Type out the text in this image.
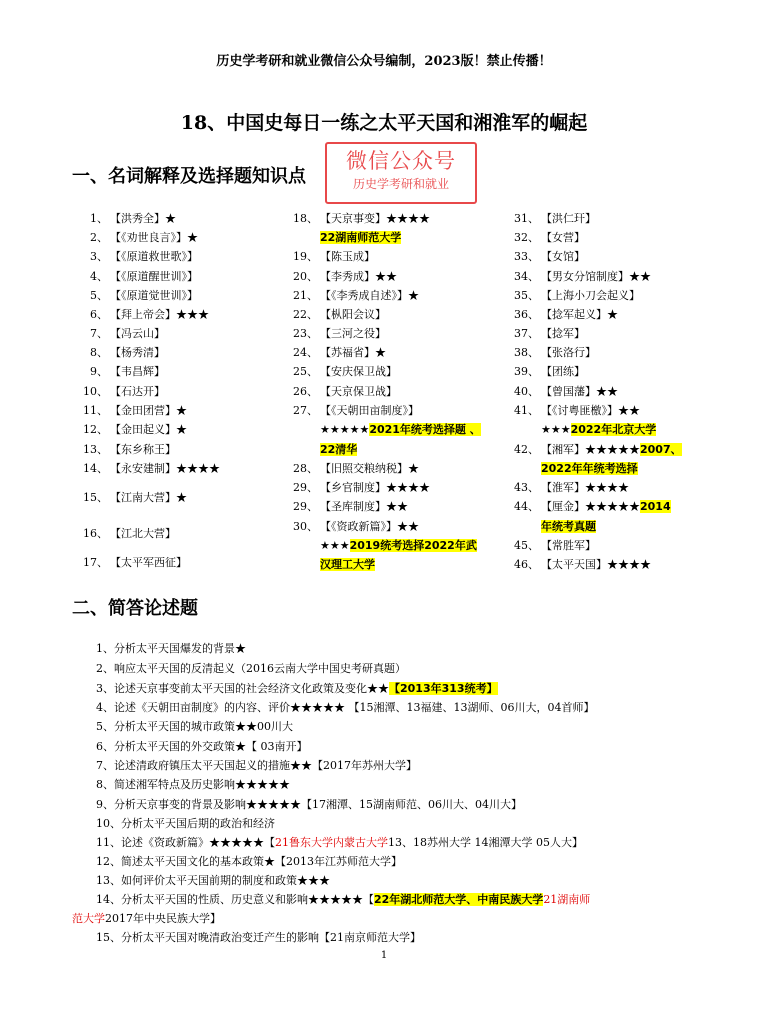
历史学考研和就业微信公众号编制，2023版！禁止传播！
18、中国史每日一练之太平天国和湘淮军的崛起
一、名词解释及选择题知识点
微信公众号
历史学考研和就业
1、 【洪秀全】★
2、 【《劝世良言》】★
3、 【《原道救世歌》】
4、 【《原道醒世训》】
5、 【《原道觉世训》】
6、 【拜上帝会】★★★
7、 【冯云山】
8、 【杨秀清】
9、 【韦昌辉】
10、 【石达开】
11、 【金田团营】★
12、 【金田起义】★
13、 【东乡称王】
14、 【永安建制】★★★★
15、 【江南大营】★
16、 【江北大营】
17、 【太平军西征】
18、 【天京事变】★★★★
22湖南师范大学
19、 【陈玉成】
20、 【李秀成】★★
21、 【《李秀成自述》】★
22、 【枞阳会议】
23、 【三河之役】
24、 【苏福省】★
25、 【安庆保卫战】
26、 【天京保卫战】
27、 【《天朝田亩制度》】
★★★★★2021年统考选择题 、
22清华
28、 【旧照交粮纳税】★
29、 【乡官制度】★★★★
29、 【圣库制度】★★
30、 【《资政新篇》】★★
★★★2019统考选择2022年武
汉理工大学
31、 【洪仁玕】
32、 【女营】
33、 【女馆】
34、 【男女分馆制度】★★
35、 【上海小刀会起义】
36、 【捻军起义】★
37、 【捻军】
38、 【张洛行】
39、 【团练】
40、 【曾国藩】★★
41、 【《讨粤匪檄》】★★
★★★2022年北京大学
42、 【湘军】★★★★★2007、
2022年年统考选择
43、 【淮军】★★★★
44、 【厘金】★★★★★2014
年统考真题
45、 【常胜军】
46、 【太平天国】★★★★
二、简答论述题
1、分析太平天国爆发的背景★
2、响应太平天国的反清起义（2016云南大学中国史考研真题）
3、论述天京事变前太平天国的社会经济文化政策及变化★★【2013年313统考】
4、论述《天朝田亩制度》的内容、评价★★★★★ 【15湘潭、13福建、13湖师、06川大，04首师】
5、分析太平天国的城市政策★★00川大
6、分析太平天国的外交政策★【 03南开】
7、论述清政府镇压太平天国起义的措施★★【2017年苏州大学】
8、简述湘军特点及历史影响★★★★★
9、分析天京事变的背景及影响★★★★★【17湘潭、15湖南师范、06川大、04川大】
10、分析太平天国后期的政治和经济
11、论述《资政新篇》★★★★★【21鲁东大学内蒙古大学13、18苏州大学 14湘潭大学 05人大】
12、简述太平天国文化的基本政策★【2013年江苏师范大学】
13、如何评价太平天国前期的制度和政策★★★
14、分析太平天国的性质、历史意义和影响★★★★★【22年湖北师范大学、中南民族大学21湖南师
范大学2017年中央民族大学】
15、分析太平天国对晚清政治变迁产生的影响【21南京师范大学】
1
